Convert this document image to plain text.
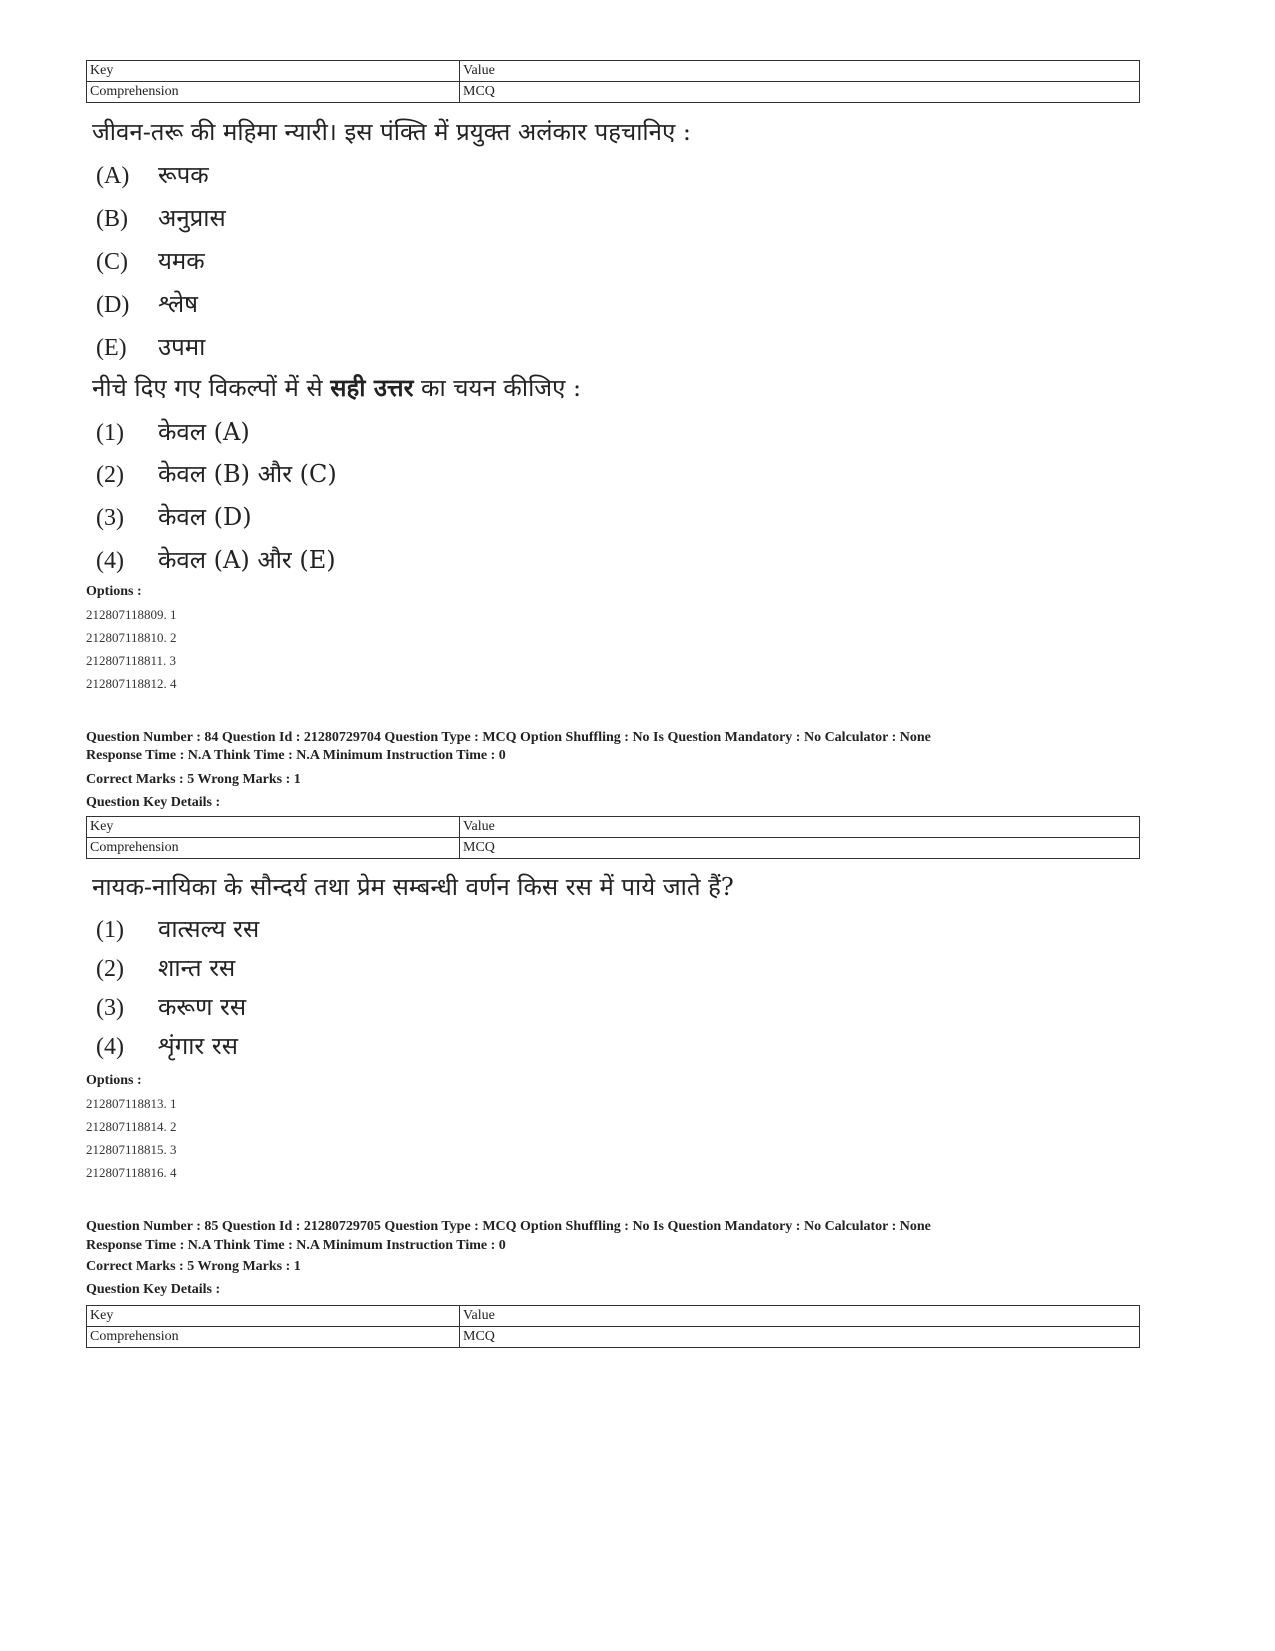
Key	Value
Comprehension	MCQ
जीवन-तरू की महिमा न्यारी। इस पंक्ति में प्रयुक्त अलंकार पहचानिए :
(A) रूपक
(B) अनुप्रास
(C) यमक
(D) श्लेष
(E) उपमा
नीचे दिए गए विकल्पों में से सही उत्तर का चयन कीजिए :
(1) केवल (A)
(2) केवल (B) और (C)
(3) केवल (D)
(4) केवल (A) और (E)
Options :
212807118809. 1
212807118810. 2
212807118811. 3
212807118812. 4
Question Number : 84 Question Id : 21280729704 Question Type : MCQ Option Shuffling : No Is Question Mandatory : No Calculator : None
Response Time : N.A Think Time : N.A Minimum Instruction Time : 0
Correct Marks : 5 Wrong Marks : 1
Question Key Details :
Key	Value
Comprehension	MCQ
नायक-नायिका के सौन्दर्य तथा प्रेम सम्बन्धी वर्णन किस रस में पाये जाते हैं?
(1) वात्सल्य रस
(2) शान्त रस
(3) करूण रस
(4) शृंगार रस
Options :
212807118813. 1
212807118814. 2
212807118815. 3
212807118816. 4
Question Number : 85 Question Id : 21280729705 Question Type : MCQ Option Shuffling : No Is Question Mandatory : No Calculator : None
Response Time : N.A Think Time : N.A Minimum Instruction Time : 0
Correct Marks : 5 Wrong Marks : 1
Question Key Details :
Key	Value
Comprehension	MCQ
